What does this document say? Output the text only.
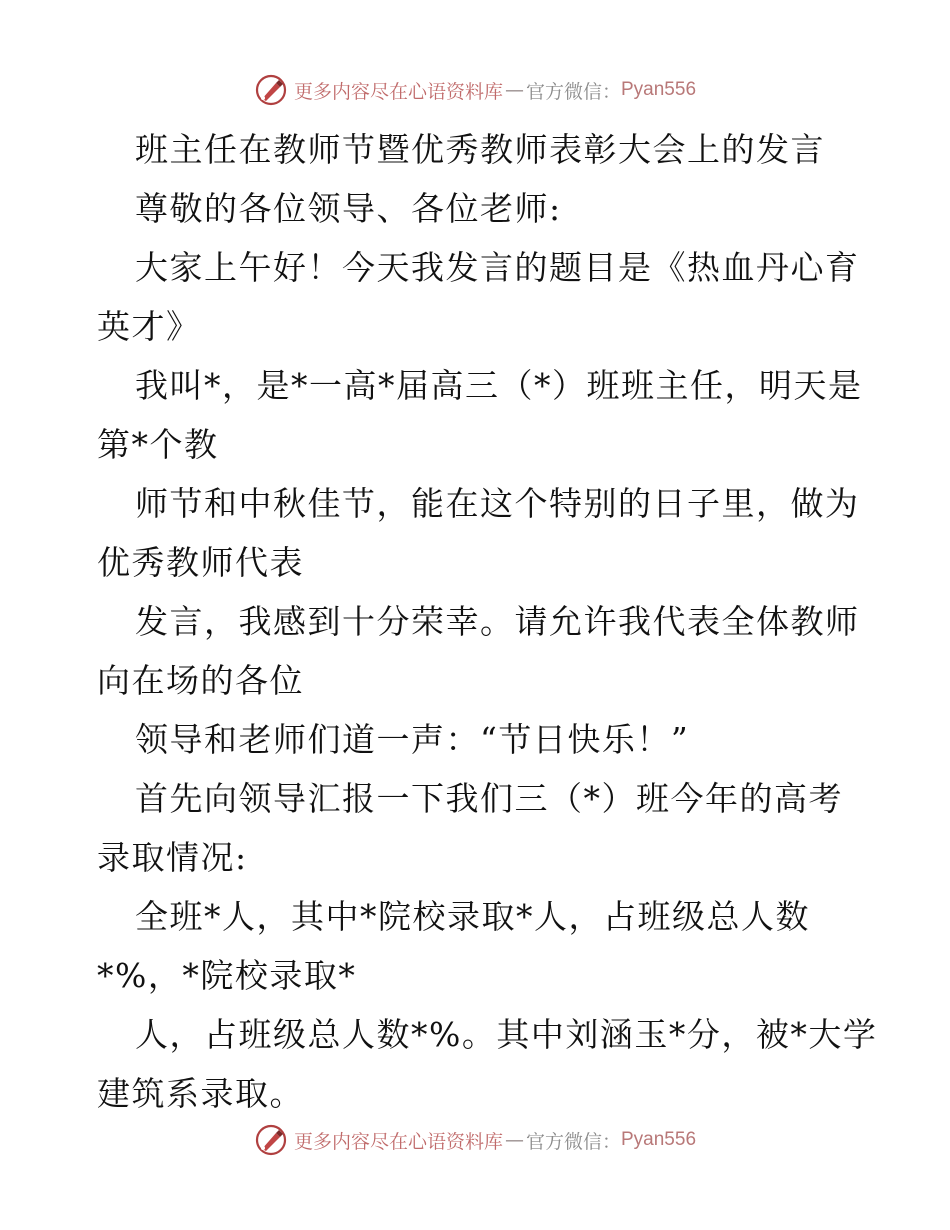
更多内容尽在心语资料库 — 官方微信： Pyan556
班主任在教师节暨优秀教师表彰大会上的发言
尊敬的各位领导、各位老师:
大家上午好！今天我发言的题目是《热血丹心育
英才》
我叫*，是*一高*届高三（*）班班主任，明天是
第*个教
师节和中秋佳节，能在这个特别的日子里，做为
优秀教师代表
发言，我感到十分荣幸。请允许我代表全体教师
向在场的各位
领导和老师们道一声：“节日快乐！”
首先向领导汇报一下我们三（*）班今年的高考
录取情况:
全班*人，其中*院校录取*人，占班级总人数
*%，*院校录取*
人，占班级总人数*%。其中刘涵玉*分，被*大学
建筑系录取。
更多内容尽在心语资料库 — 官方微信： Pyan556
